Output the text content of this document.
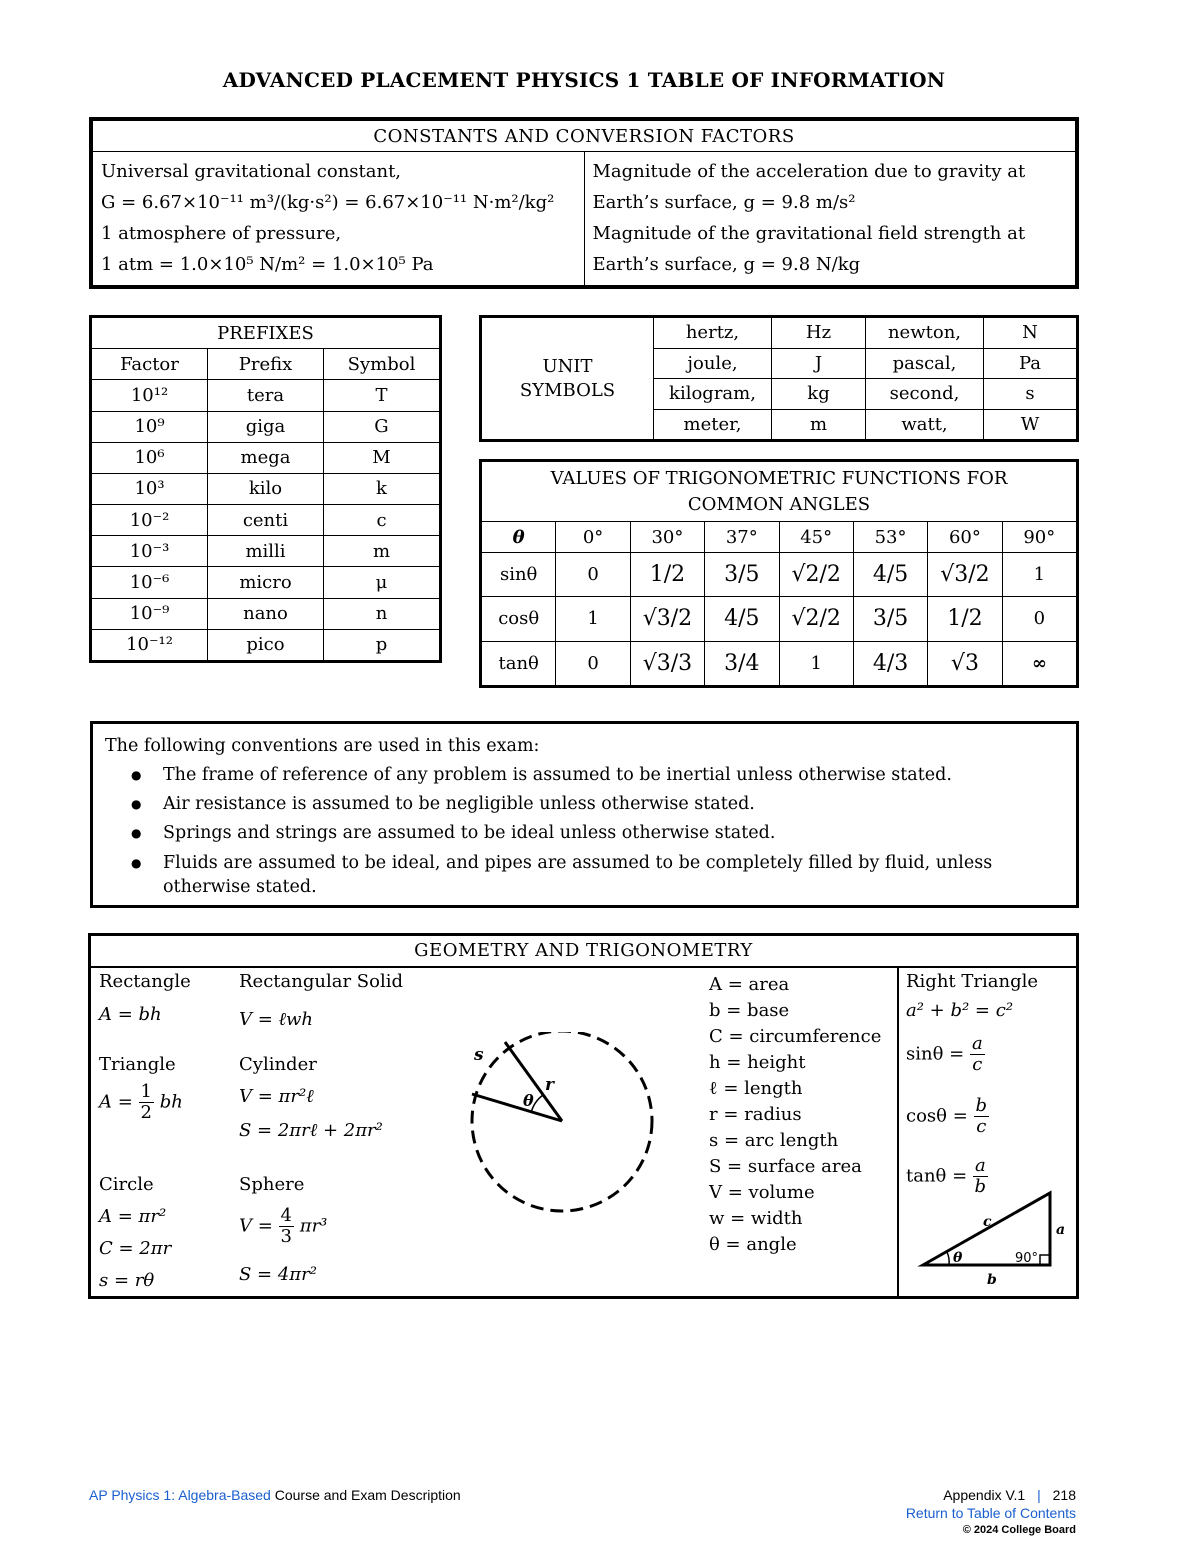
ADVANCED PLACEMENT PHYSICS 1 TABLE OF INFORMATION
CONSTANTS AND CONVERSION FACTORS

Universal gravitational constant,
G = 6.67×10⁻¹¹ m³/(kg·s²) = 6.67×10⁻¹¹ N·m²/kg²
1 atmosphere of pressure,
1 atm = 1.0×10⁵ N/m² = 1.0×10⁵ Pa

Magnitude of the acceleration due to gravity at
Earth’s surface, g = 9.8 m/s²
Magnitude of the gravitational field strength at
Earth’s surface, g = 9.8 N/kg
PREFIXES		
Factor	Prefix	Symbol
10¹²	tera	T
10⁹	giga	G
10⁶	mega	M
10³	kilo	k
10⁻²	centi	c
10⁻³	milli	m
10⁻⁶	micro	μ
10⁻⁹	nano	n
10⁻¹²	pico	p
UNIT
SYMBOLS	hertz,	Hz	newton,	N
	joule,	J	pascal,	Pa
	kilogram,	kg	second,	s
	meter,	m	watt,	W
VALUES OF TRIGONOMETRIC FUNCTIONS FOR
COMMON ANGLES							

θ	0°	30°	37°	45°	53°	60°	90°
sinθ	0	1/2	3/5	√2/2	4/5	√3/2	1
cosθ	1	√3/2	4/5	√2/2	3/5	1/2	0
tanθ	0	√3/3	3/4	1	4/3	√3	∞
The following conventions are used in this exam:
● The frame of reference of any problem is assumed to be inertial unless otherwise stated.
● Air resistance is assumed to be negligible unless otherwise stated.
● Springs and strings are assumed to be ideal unless otherwise stated.
● Fluids are assumed to be ideal, and pipes are assumed to be completely filled by fluid, unless otherwise stated.
GEOMETRY AND TRIGONOMETRY
Rectangle
A = bh
Triangle
$A = \frac{1}{2}$ bh
Circle
A = πr²
C = 2πr
s = rθ
Rectangular Solid
V = ℓwh
Cylinder
V = πr²ℓ
S = 2πrℓ + 2πr²
Sphere
$V = \frac{4}{3} \pi r^3$
S = 4πr²
s
r
θ
A = area
b = base
C = circumference
h = height
ℓ = length
r = radius
s = arc length
S = surface area
V = volume
w = width
θ = angle
Right Triangle
a² + b² = c²
$\sin\theta = \frac{a}{c}$
$\cos\theta = \frac{b}{c}$
$\tan\theta = \frac{a}{b}$
c	a
b
θ	90°
AP Physics 1: Algebra-Based Course and Exam Description	Appendix V.1 | 218
Return to Table of Contents
© 2024 College Board
